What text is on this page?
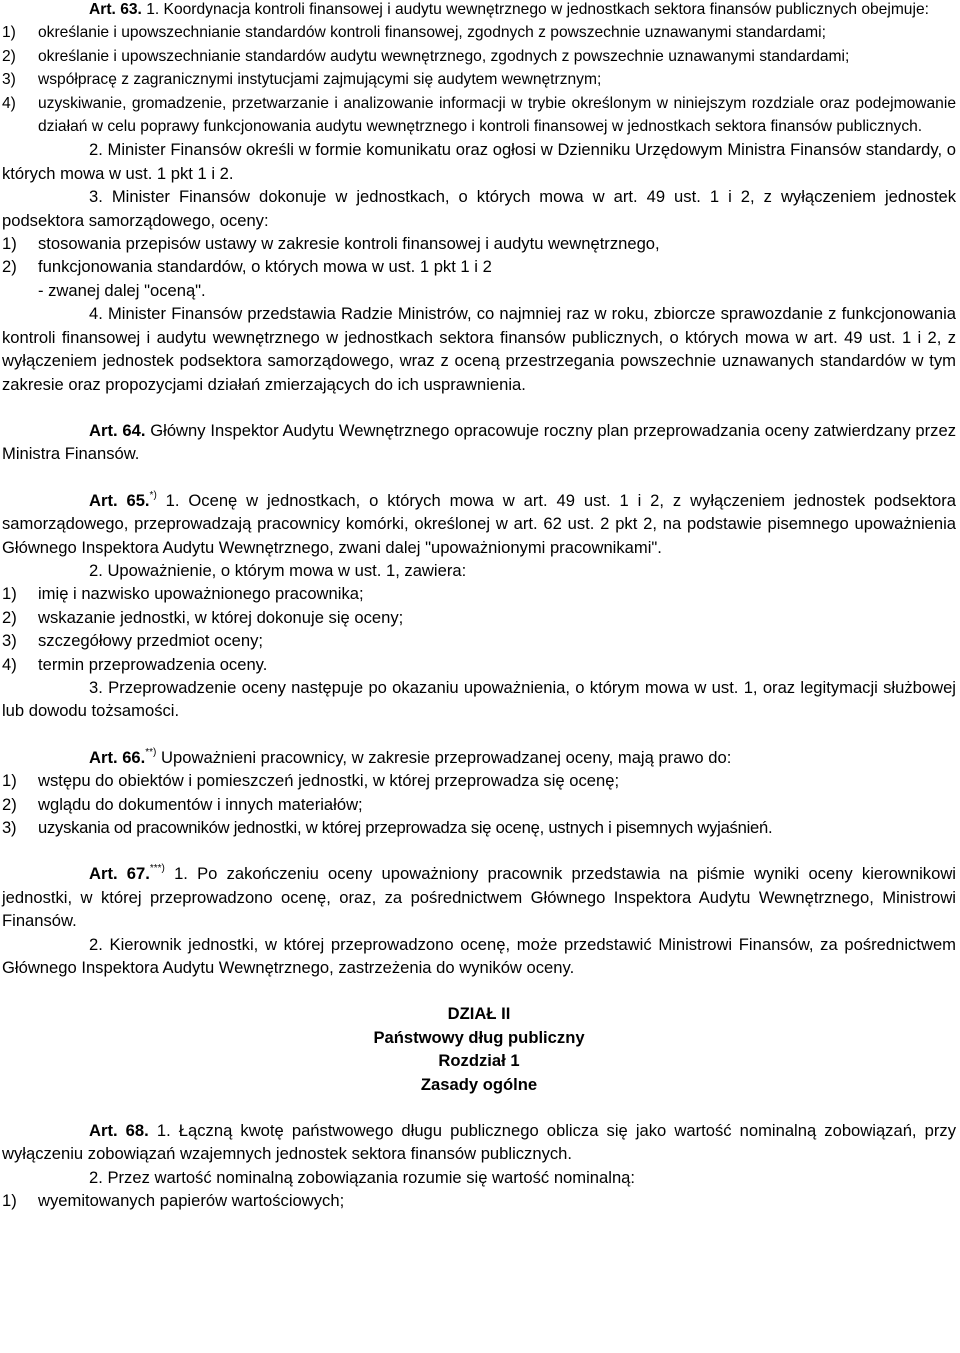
Art. 63. 1. Koordynacja kontroli finansowej i audytu wewnętrznego w jednostkach sektora finansów publicznych obejmuje:

1) określanie i upowszechnianie standardów kontroli finansowej, zgodnych z powszechnie uznawanymi standardami;
2) określanie i upowszechnianie standardów audytu wewnętrznego, zgodnych z powszechnie uznawanymi standardami;
3) współpracę z zagranicznymi instytucjami zajmującymi się audytem wewnętrznym;
4) uzyskiwanie, gromadzenie, przetwarzanie i analizowanie informacji w trybie określonym w niniejszym rozdziale oraz podejmowanie działań w celu poprawy funkcjonowania audytu wewnętrznego i kontroli finansowej w jednostkach sektora finansów publicznych.

2. Minister Finansów określi w formie komunikatu oraz ogłosi w Dzienniku Urzędowym Ministra Finansów standardy, o których mowa w ust. 1 pkt 1 i 2.

3. Minister Finansów dokonuje w jednostkach, o których mowa w art. 49 ust. 1 i 2, z wyłączeniem jednostek podsektora samorządowego, oceny:

1) stosowania przepisów ustawy w zakresie kontroli finansowej i audytu wewnętrznego,
2) funkcjonowania standardów, o których mowa w ust. 1 pkt 1 i 2

- zwanej dalej "oceną".

4. Minister Finansów przedstawia Radzie Ministrów, co najmniej raz w roku, zbiorcze sprawozdanie z funkcjonowania kontroli finansowej i audytu wewnętrznego w jednostkach sektora finansów publicznych, o których mowa w art. 49 ust. 1 i 2, z wyłączeniem jednostek podsektora samorządowego, wraz z oceną przestrzegania powszechnie uznawanych standardów w tym zakresie oraz propozycjami działań zmierzających do ich usprawnienia.

Art. 64. Główny Inspektor Audytu Wewnętrznego opracowuje roczny plan przeprowadzania oceny zatwierdzany przez Ministra Finansów.

Art. 65.*) 1. Ocenę w jednostkach, o których mowa w art. 49 ust. 1 i 2, z wyłączeniem jednostek podsektora samorządowego, przeprowadzają pracownicy komórki, określonej w art. 62 ust. 2 pkt 2, na podstawie pisemnego upoważnienia Głównego Inspektora Audytu Wewnętrznego, zwani dalej "upoważnionymi pracownikami".

2. Upoważnienie, o którym mowa w ust. 1, zawiera:

1) imię i nazwisko upoważnionego pracownika;
2) wskazanie jednostki, w której dokonuje się oceny;
3) szczegółowy przedmiot oceny;
4) termin przeprowadzenia oceny.

3. Przeprowadzenie oceny następuje po okazaniu upoważnienia, o którym mowa w ust. 1, oraz legitymacji służbowej lub dowodu tożsamości.

Art. 66.**) Upoważnieni pracownicy, w zakresie przeprowadzanej oceny, mają prawo do:

1) wstępu do obiektów i pomieszczeń jednostki, w której przeprowadza się ocenę;
2) wglądu do dokumentów i innych materiałów;
3) uzyskania od pracowników jednostki, w której przeprowadza się ocenę, ustnych i pisemnych wyjaśnień.

Art. 67.***) 1. Po zakończeniu oceny upoważniony pracownik przedstawia na piśmie wyniki oceny kierownikowi jednostki, w której przeprowadzono ocenę, oraz, za pośrednictwem Głównego Inspektora Audytu Wewnętrznego, Ministrowi Finansów.

2. Kierownik jednostki, w której przeprowadzono ocenę, może przedstawić Ministrowi Finansów, za pośrednictwem Głównego Inspektora Audytu Wewnętrznego, zastrzeżenia do wyników oceny.

DZIAŁ II

Państwowy dług publiczny

Rozdział 1

Zasady ogólne

Art. 68. 1. Łączną kwotę państwowego długu publicznego oblicza się jako wartość nominalną zobowiązań, przy wyłączeniu zobowiązań wzajemnych jednostek sektora finansów publicznych.

2. Przez wartość nominalną zobowiązania rozumie się wartość nominalną:

1) wyemitowanych papierów wartościowych;
